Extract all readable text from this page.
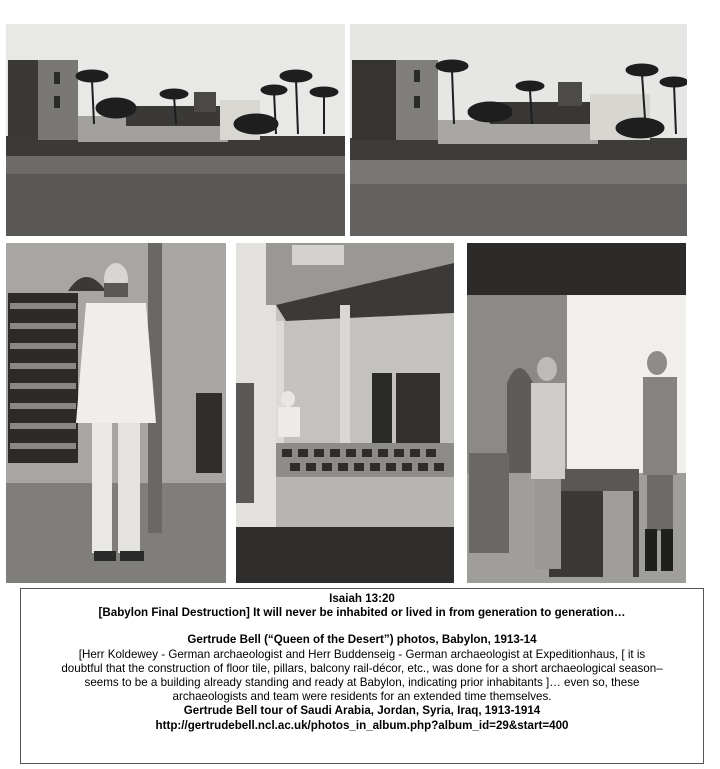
Isaiah 13:20

[Babylon Final Destruction] It will never be inhabited or lived in from generation to generation…

Gertrude Bell (“Queen of the Desert”) photos, Babylon, 1913-14

[Herr Koldewey - German archaeologist and Herr Buddenseig - German archaeologist at Expeditionhaus, [ it is

doubtful that the construction of floor tile, pillars, balcony rail-décor, etc., was done for a short archaeological season–

seems to be a building already standing and ready at Babylon, indicating prior inhabitants ]… even so, these

archaeologists and team were residents for an extended time themselves.

Gertrude Bell tour of Saudi Arabia, Jordan, Syria, Iraq, 1913-1914

http://gertrudebell.ncl.ac.uk/photos_in_album.php?album_id=29&start=400
